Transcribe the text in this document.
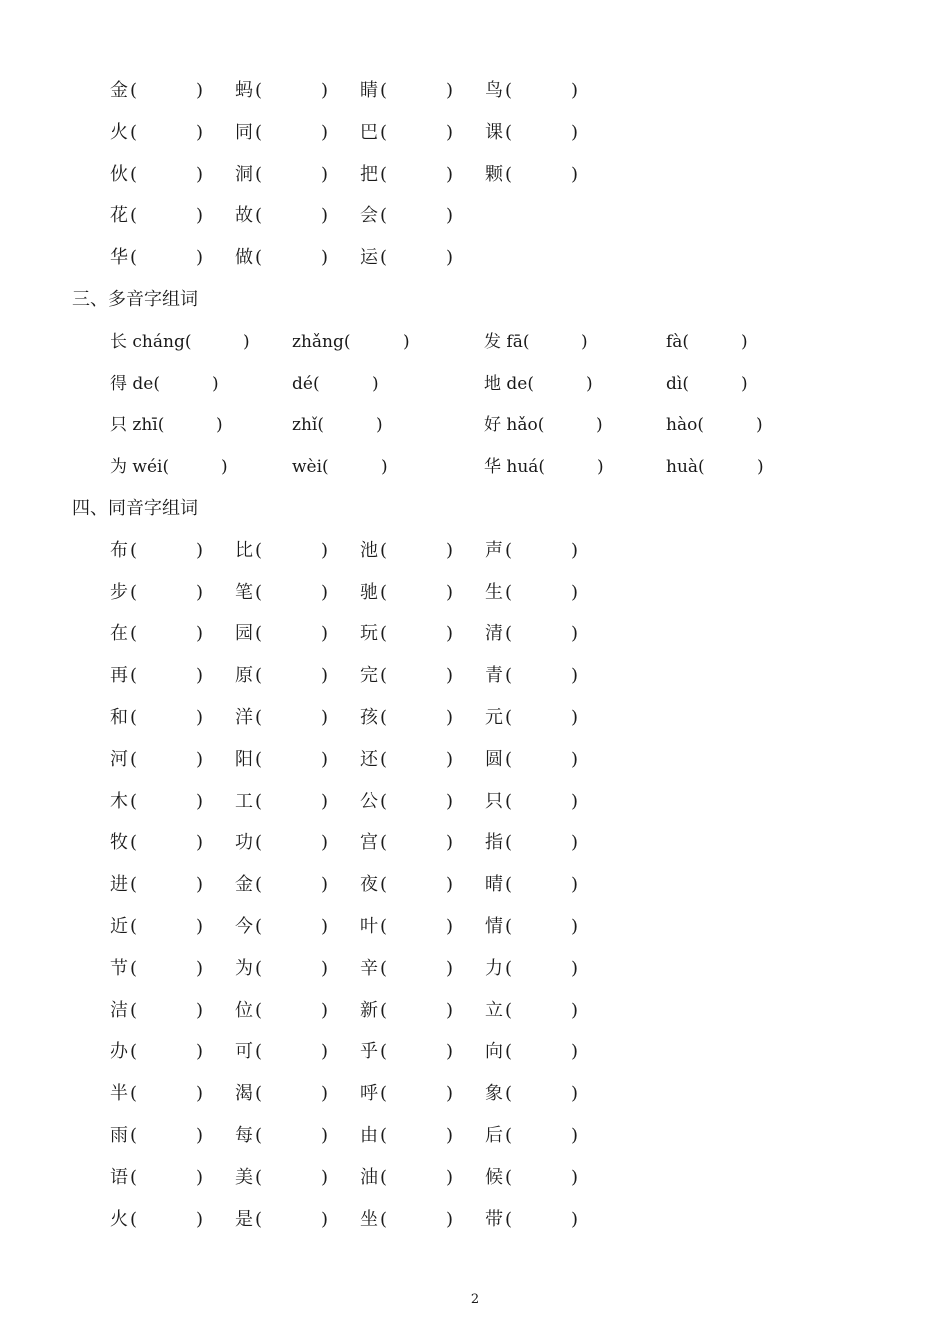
金 (	) 蚂 (	) 睛 (	) 鸟 (	)
火 (	) 同 (	) 巴 (	) 课 (	)
伙 (	) 洞 (	) 把 (	) 颗 (	)
花 (	) 故 (	) 会 (	)
华 (	) 做 (	) 运 (	)
三、多音字组词
长 cháng(	) zhǎng(	)	发 fā(	)	fà(	)
得 de(	)	dé(	)	地 de(	)	dì(	)
只 zhī(	)	zhǐ(	)	好 hǎo(	)	hào(	)
为 wéi(	)	wèi(	)	华 huá(	)	huà(	)
四、同音字组词
布 (	) 比 (	) 池 (	) 声 (	)
步 (	) 笔 (	) 驰 (	) 生 (	)
在 (	) 园 (	) 玩 (	) 清 (	)
再 (	) 原 (	) 完 (	) 青 (	)
和 (	) 洋 (	) 孩 (	) 元 (	)
河 (	) 阳 (	) 还 (	) 圆 (	)
木 (	) 工 (	) 公 (	) 只 (	)
牧 (	) 功 (	) 宫 (	) 指 (	)
进 (	) 金 (	) 夜 (	) 晴 (	)
近 (	) 今 (	) 叶 (	) 情 (	)
节 (	) 为 (	) 辛 (	) 力 (	)
洁 (	) 位 (	) 新 (	) 立 (	)
办 (	) 可 (	) 乎 (	) 向 (	)
半 (	) 渴 (	) 呼 (	) 象 (	)
雨 (	) 每 (	) 由 (	) 后 (	)
语 (	) 美 (	) 油 (	) 候 (	)
火 (	) 是 (	) 坐 (	) 带 (	)
2
